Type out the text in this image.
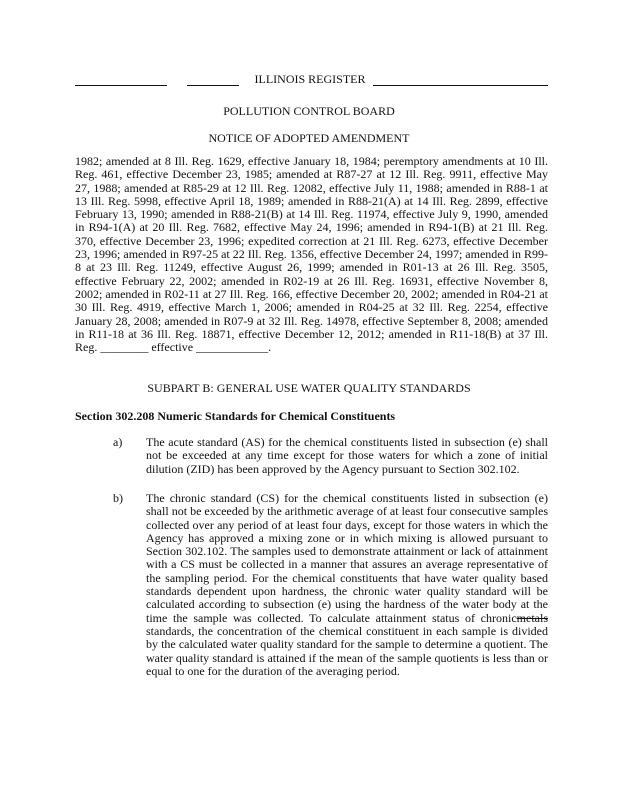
ILLINOIS REGISTER
POLLUTION CONTROL BOARD
NOTICE OF ADOPTED AMENDMENT
1982; amended at 8 Ill. Reg. 1629, effective January 18, 1984; peremptory amendments at 10 Ill. Reg. 461, effective December 23, 1985; amended at R87-27 at 12 Ill. Reg. 9911, effective May 27, 1988; amended at R85-29 at 12 Ill. Reg. 12082, effective July 11, 1988; amended in R88-1 at 13 Ill. Reg. 5998, effective April 18, 1989; amended in R88-21(A) at 14 Ill. Reg. 2899, effective February 13, 1990; amended in R88-21(B) at 14 Ill. Reg. 11974, effective July 9, 1990, amended in R94-1(A) at 20 Ill. Reg. 7682, effective May 24, 1996; amended in R94-1(B) at 21 Ill. Reg. 370, effective December 23, 1996; expedited correction at 21 Ill. Reg. 6273, effective December 23, 1996; amended in R97-25 at 22 Ill. Reg. 1356, effective December 24, 1997; amended in R99-8 at 23 Ill. Reg. 11249, effective August 26, 1999; amended in R01-13 at 26 Ill. Reg. 3505, effective February 22, 2002; amended in R02-19 at 26 Ill. Reg. 16931, effective November 8, 2002; amended in R02-11 at 27 Ill. Reg. 166, effective December 20, 2002; amended in R04-21 at 30 Ill. Reg. 4919, effective March 1, 2006; amended in R04-25 at 32 Ill. Reg. 2254, effective January 28, 2008; amended in R07-9 at 32 Ill. Reg. 14978, effective September 8, 2008; amended in R11-18 at 36 Ill. Reg. 18871, effective December 12, 2012; amended in R11-18(B) at 37 Ill. Reg. ________ effective ____________.
SUBPART B: GENERAL USE WATER QUALITY STANDARDS
Section 302.208 Numeric Standards for Chemical Constituents
a) The acute standard (AS) for the chemical constituents listed in subsection (e) shall not be exceeded at any time except for those waters for which a zone of initial dilution (ZID) has been approved by the Agency pursuant to Section 302.102.
b) The chronic standard (CS) for the chemical constituents listed in subsection (e) shall not be exceeded by the arithmetic average of at least four consecutive samples collected over any period of at least four days, except for those waters in which the Agency has approved a mixing zone or in which mixing is allowed pursuant to Section 302.102. The samples used to demonstrate attainment or lack of attainment with a CS must be collected in a manner that assures an average representative of the sampling period. For the chemical constituents that have water quality based standards dependent upon hardness, the chronic water quality standard will be calculated according to subsection (e) using the hardness of the water body at the time the sample was collected. To calculate attainment status of chronicmetals standards, the concentration of the chemical constituent in each sample is divided by the calculated water quality standard for the sample to determine a quotient. The water quality standard is attained if the mean of the sample quotients is less than or equal to one for the duration of the averaging period.
